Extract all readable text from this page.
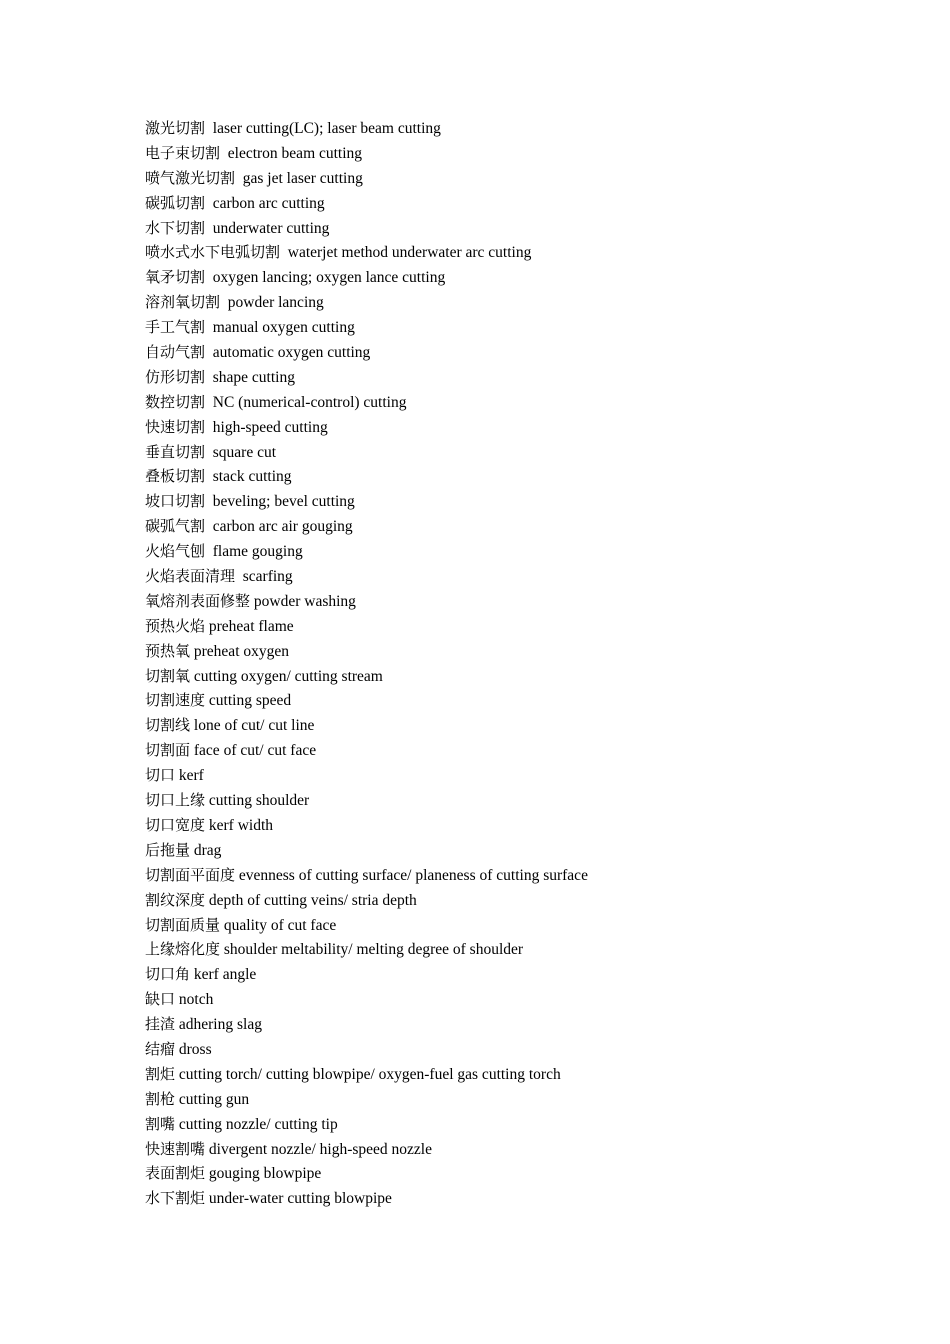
激光切割  laser cutting(LC); laser beam cutting
电子束切割  electron beam cutting
喷气激光切割  gas jet laser cutting
碳弧切割  carbon arc cutting
水下切割  underwater cutting
喷水式水下电弧切割  waterjet method underwater arc cutting
氧矛切割  oxygen lancing; oxygen lance cutting
溶剂氧切割  powder lancing
手工气割  manual oxygen cutting
自动气割  automatic oxygen cutting
仿形切割  shape cutting
数控切割  NC (numerical-control) cutting
快速切割  high-speed cutting
垂直切割  square cut
叠板切割  stack cutting
坡口切割  beveling; bevel cutting
碳弧气割  carbon arc air gouging
火焰气刨  flame gouging
火焰表面清理  scarfing
氧熔剂表面修整 powder washing
预热火焰 preheat flame
预热氧 preheat oxygen
切割氧 cutting oxygen/ cutting stream
切割速度 cutting speed
切割线 lone of cut/ cut line
切割面 face of cut/ cut face
切口 kerf
切口上缘 cutting shoulder
切口宽度 kerf width
后拖量 drag
切割面平面度 evenness of cutting surface/ planeness of cutting surface
割纹深度 depth of cutting veins/ stria depth
切割面质量 quality of cut face
上缘熔化度 shoulder meltability/ melting degree of shoulder
切口角 kerf angle
缺口 notch
挂渣 adhering slag
结瘤 dross
割炬 cutting torch/ cutting blowpipe/ oxygen-fuel gas cutting torch
割枪 cutting gun
割嘴 cutting nozzle/ cutting tip
快速割嘴 divergent nozzle/ high-speed nozzle
表面割炬 gouging blowpipe
水下割炬 under-water cutting blowpipe
